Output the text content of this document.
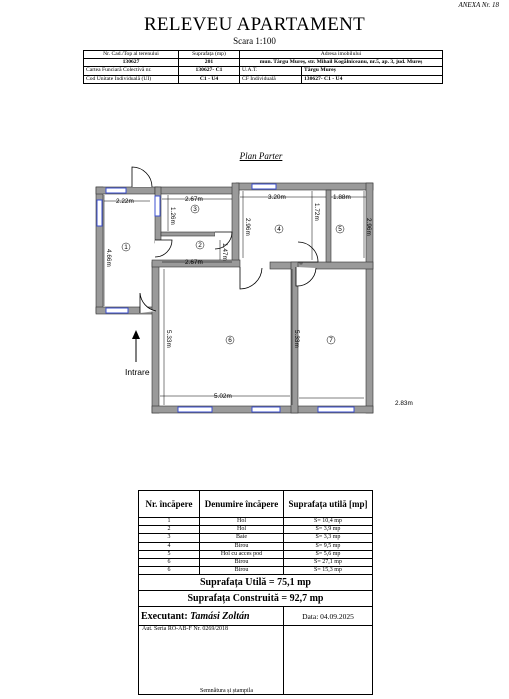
ANEXA Nr. 18
RELEVEU APARTAMENT
Scara 1:100
Nr. Cad./Top al terenului	Suprafața (mp)	Adresa imobilului	
130627	201	mun. Târgu Mureș, str. Mihail Kogălniceanu, nr.5, ap. 3, jud. Mureș	
Cartea Funciară Colectivă nr.	130627- C1	U.A.T.	Târgu Mureș
Cod Unitate Individuală (UI)	C1 - U4	CF Individuală	130627- C1 - U4
Plan Parter
2.22m	2.67m
2.67m
3.20m	1.88m
2.83m
5.02m
4.66m
1.26m
1.47m
2.96m
1.72m
2.96m
5.33m	5.33m
1	2
3
4	5
6	7
Intrare
Nr. încăpere	Denumire încăpere	Suprafața utilă [mp]
1	Hol	S= 10,4 mp
2	Hol	S= 3,9 mp
3	Baie	S= 3,3 mp
4	Birou	S= 9,5 mp
5	Hol cu acces pod	S= 5,6 mp
6	Birou	S= 27,1 mp
6	Birou	S= 15,3 mp
Suprafața Utilă = 75,1 mp		
Suprafața Construită = 92,7 mp		
Executant: Tamási Zoltán		Data: 04.09.2025
Aut. Seria RO-AB-F Nr. 0269/2018		
Semnătura și ștampila
